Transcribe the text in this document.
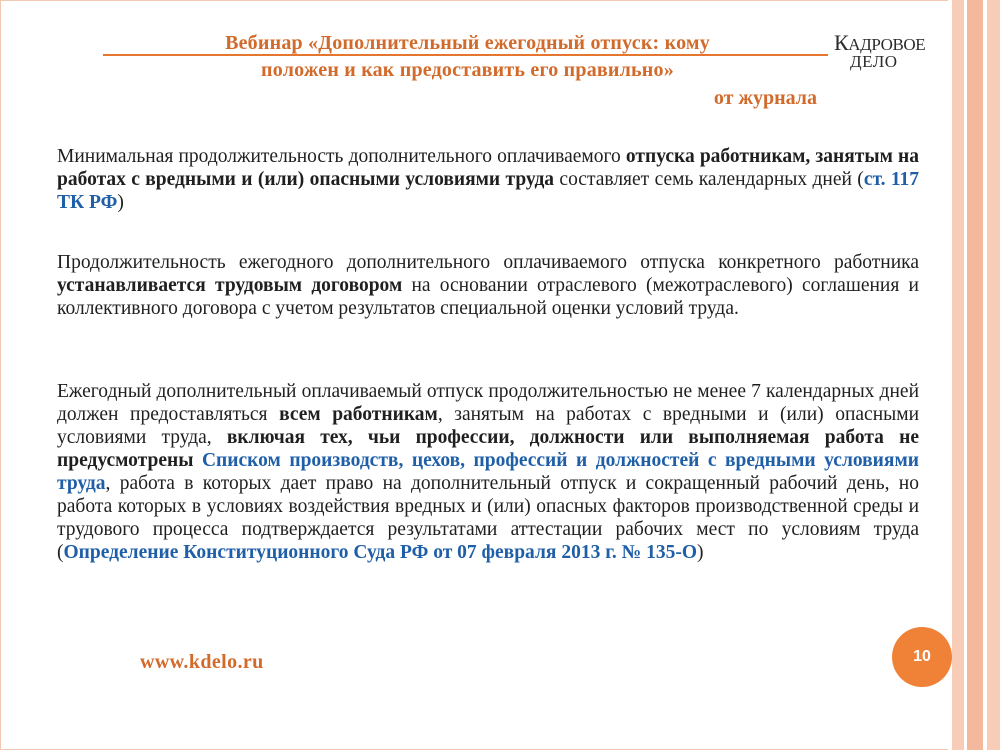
Вебинар «Дополнительный ежегодный отпуск: кому
положен и как предоставить его правильно»
от журнала
КАДРОВОЕ
ДЕЛО

Минимальная продолжительность дополнительного оплачиваемого отпуска работникам, занятым на работах с вредными и (или) опасными условиями труда составляет семь календарных дней (ст. 117 ТК РФ)

Продолжительность ежегодного дополнительного оплачиваемого отпуска конкретного работника устанавливается трудовым договором на основании отраслевого (межотраслевого) соглашения и коллективного договора с учетом результатов специальной оценки условий труда.

Ежегодный дополнительный оплачиваемый отпуск продолжительностью не менее 7 календарных дней должен предоставляться всем работникам, занятым на работах с вредными и (или) опасными условиями труда, включая тех, чьи профессии, должности или выполняемая работа не предусмотрены Списком производств, цехов, профессий и должностей с вредными условиями труда, работа в которых дает право на дополнительный отпуск и сокращенный рабочий день, но работа которых в условиях воздействия вредных и (или) опасных факторов производственной среды и трудового процесса подтверждается результатами аттестации рабочих мест по условиям труда (Определение Конституционного Суда РФ от 07 февраля 2013 г. № 135-О)

www.kdelo.ru	10
